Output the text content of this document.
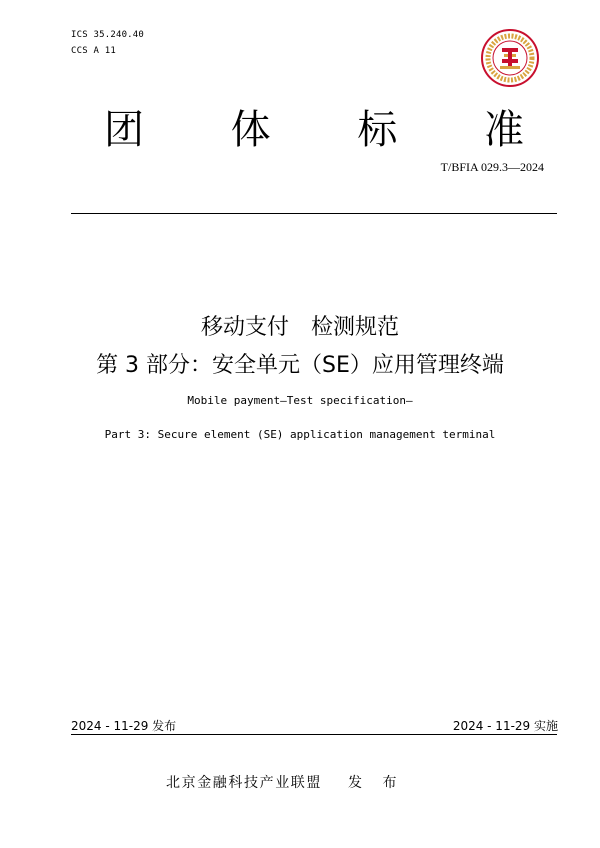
ICS 35.240.40
CCS A 11
团 体 标 准
T/BFIA 029.3—2024
移动支付　检测规范
第 3 部分：安全单元（SE）应用管理终端
Mobile payment—Test specification—
Part 3: Secure element (SE) application management terminal
2024 - 11-29 发布	2024 - 11-29 实施
北京金融科技产业联盟 发 布
